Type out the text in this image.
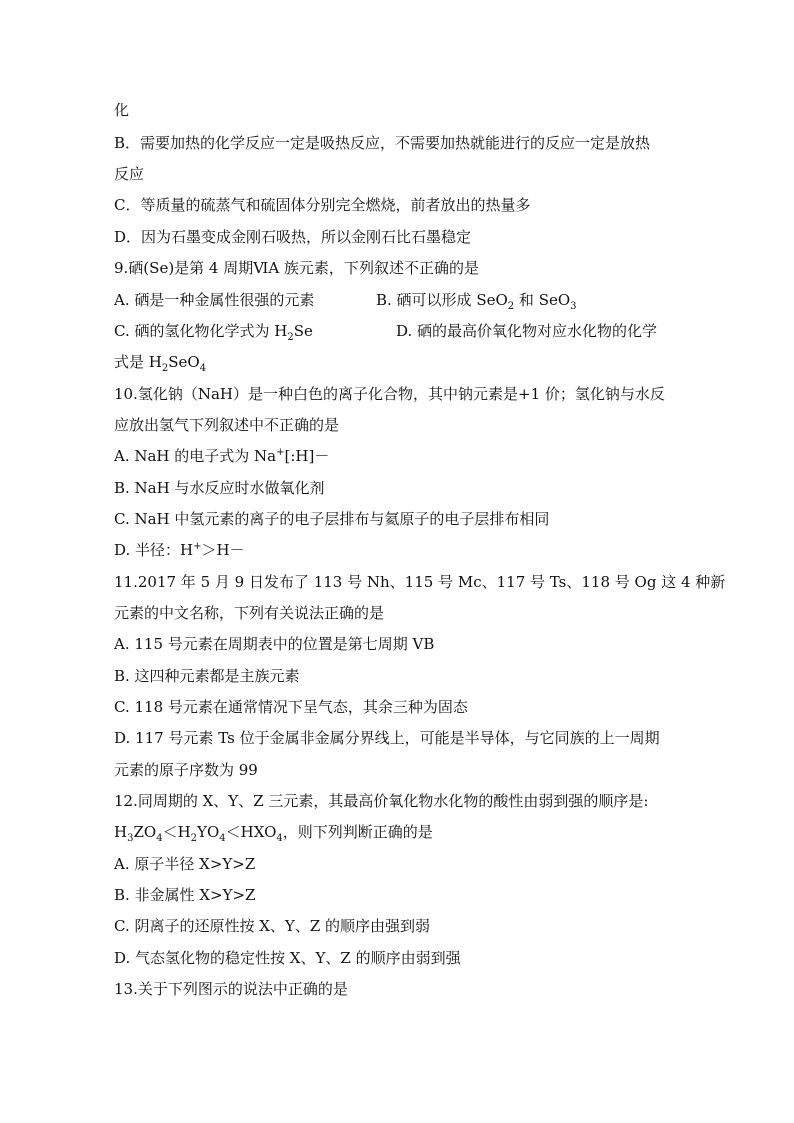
化
B．需要加热的化学反应一定是吸热反应，不需要加热就能进行的反应一定是放热
反应
C．等质量的硫蒸气和硫固体分别完全燃烧，前者放出的热量多
D．因为石墨变成金刚石吸热，所以金刚石比石墨稳定
9.硒(Se)是第 4 周期ⅥA 族元素，下列叙述不正确的是
A. 硒是一种金属性很强的元素	B. 硒可以形成 SeO$_2$ 和 SeO$_3$
C. 硒的氢化物化学式为 $H_2Se$	D. 硒的最高价氧化物对应水化物的化学
式是 $H_2SeO_4$
10.氢化钠（NaH）是一种白色的离子化合物，其中钠元素是+1 价；氢化钠与水反
应放出氢气下列叙述中不正确的是
A. NaH 的电子式为 Na+[:H]－
B. NaH 与水反应时水做氧化剂
C. NaH 中氢元素的离子的电子层排布与氦原子的电子层排布相同
D. 半径：H+＞H－
11.2017 年 5 月 9 日发布了 113 号 Nh、115 号 Mc、117 号 Ts、118 号 Og 这 4 种新
元素的中文名称，下列有关说法正确的是
A. 115 号元素在周期表中的位置是第七周期 VB
B. 这四种元素都是主族元素
C. 118 号元素在通常情况下呈气态，其余三种为固态
D. 117 号元素 Ts 位于金属非金属分界线上，可能是半导体，与它同族的上一周期
元素的原子序数为 99
12.同周期的 X、Y、Z 三元素，其最高价氧化物水化物的酸性由弱到强的顺序是:
$H_3ZO_4<H_2YO_4<HXO_4$，则下列判断正确的是
A. 原子半径 X>Y>Z
B. 非金属性 X>Y>Z
C. 阴离子的还原性按 X、Y、Z 的顺序由强到弱
D. 气态氢化物的稳定性按 X、Y、Z 的顺序由弱到强
13.关于下列图示的说法中正确的是
